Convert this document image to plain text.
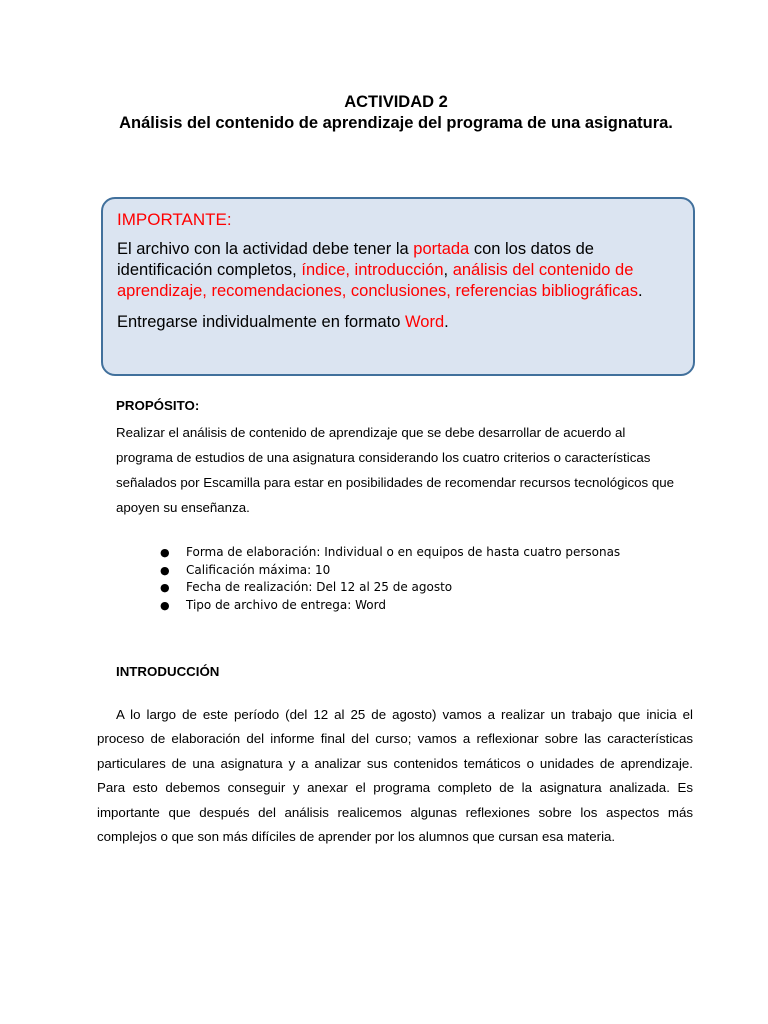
ACTIVIDAD 2
Análisis del contenido de aprendizaje del programa de una asignatura.
IMPORTANTE:

El archivo con la actividad debe tener la portada con los datos de identificación completos, índice, introducción, análisis del contenido de aprendizaje, recomendaciones, conclusiones, referencias bibliográficas.

Entregarse individualmente en formato Word.

PROPÓSITO:

Realizar el análisis de contenido de aprendizaje que se debe desarrollar de acuerdo al programa de estudios de una asignatura considerando los cuatro criterios o características señalados por Escamilla para estar en posibilidades de recomendar recursos tecnológicos que apoyen su enseñanza.

● Forma de elaboración: Individual o en equipos de hasta cuatro personas
● Calificación máxima: 10
● Fecha de realización: Del 12 al 25 de agosto
● Tipo de archivo de entrega: Word
INTRODUCCIÓN

A lo largo de este período (del 12 al 25 de agosto) vamos a realizar un trabajo que inicia el proceso de elaboración del informe final del curso; vamos a reflexionar sobre las características particulares de una asignatura y a analizar sus contenidos temáticos o unidades de aprendizaje. Para esto debemos conseguir y anexar el programa completo de la asignatura analizada. Es importante que después del análisis realicemos algunas reflexiones sobre los aspectos más complejos o que son más difíciles de aprender por los alumnos que cursan esa materia.
